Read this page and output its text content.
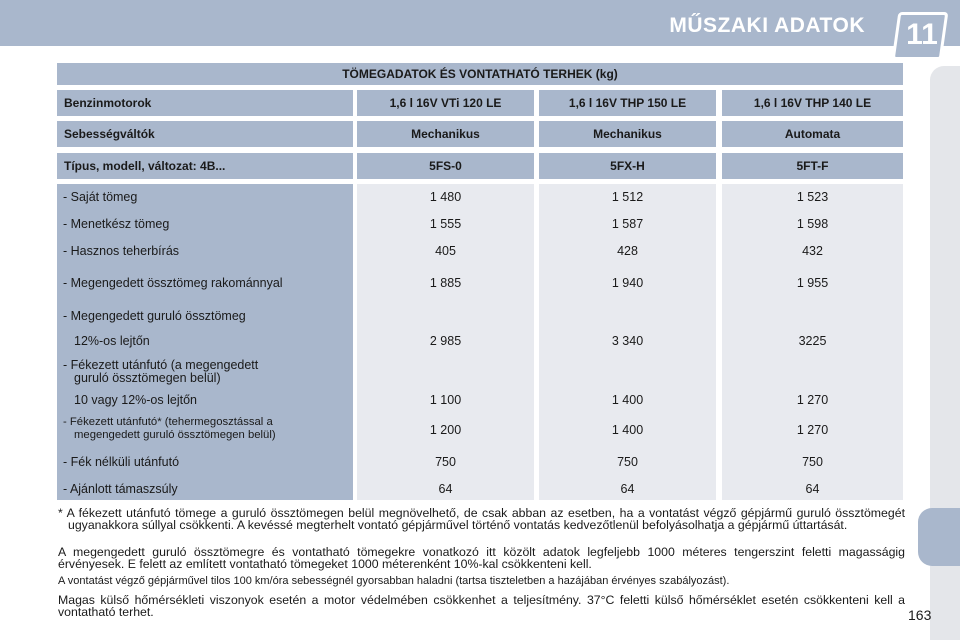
MŰSZAKI ADATOK 11
TÖMEGADATOK ÉS VONTATHATÓ TERHEK (kg)
Benzinmotorok	1,6 l 16V VTi 120 LE	1,6 l 16V THP 150 LE	1,6 l 16V THP 140 LE
Sebességváltók	Mechanikus	Mechanikus	Automata
Típus, modell, változat: 4B...	5FS-0	5FX-H	5FT-F
- Saját tömeg	1 480	1 512	1 523
- Menetkész tömeg	1 555	1 587	1 598
- Hasznos teherbírás	405	428	432
- Megengedett össztömeg rakománnyal	1 885	1 940	1 955
- Megengedett guruló össztömeg
12%-os lejtőn	2 985	3 340	3225
- Fékezett utánfutó (a megengedett
guruló össztömegen belül)
10 vagy 12%-os lejtőn	1 100	1 400	1 270
- Fékezett utánfutó* (tehermegosztással a
megengedett guruló össztömegen belül)	1 200	1 400	1 270
- Fék nélküli utánfutó	750	750	750
- Ajánlott támaszsúly	64	64	64
* A fékezett utánfutó tömege a guruló össztömegen belül megnövelhető, de csak abban az esetben, ha a vontatást végző gépjármű guruló össztömegét ugyanakkora súllyal csökkenti. A kevéssé megterhelt vontató gépjárművel történő vontatás kedvezőtlenül befolyásolhatja a gépjármű úttartását.
A megengedett guruló össztömegre és vontatható tömegekre vonatkozó itt közölt adatok legfeljebb 1000 méteres tengerszint feletti magasságig érvényesek. E felett az említett vontatható tömegeket 1000 méterenként 10%-kal csökkenteni kell.
A vontatást végző gépjárművel tilos 100 km/óra sebességnél gyorsabban haladni (tartsa tiszteletben a hazájában érvényes szabályozást).
Magas külső hőmérsékleti viszonyok esetén a motor védelmében csökkenhet a teljesítmény. 37°C feletti külső hőmérséklet esetén csökkenteni kell a vontatható terhet.	163
